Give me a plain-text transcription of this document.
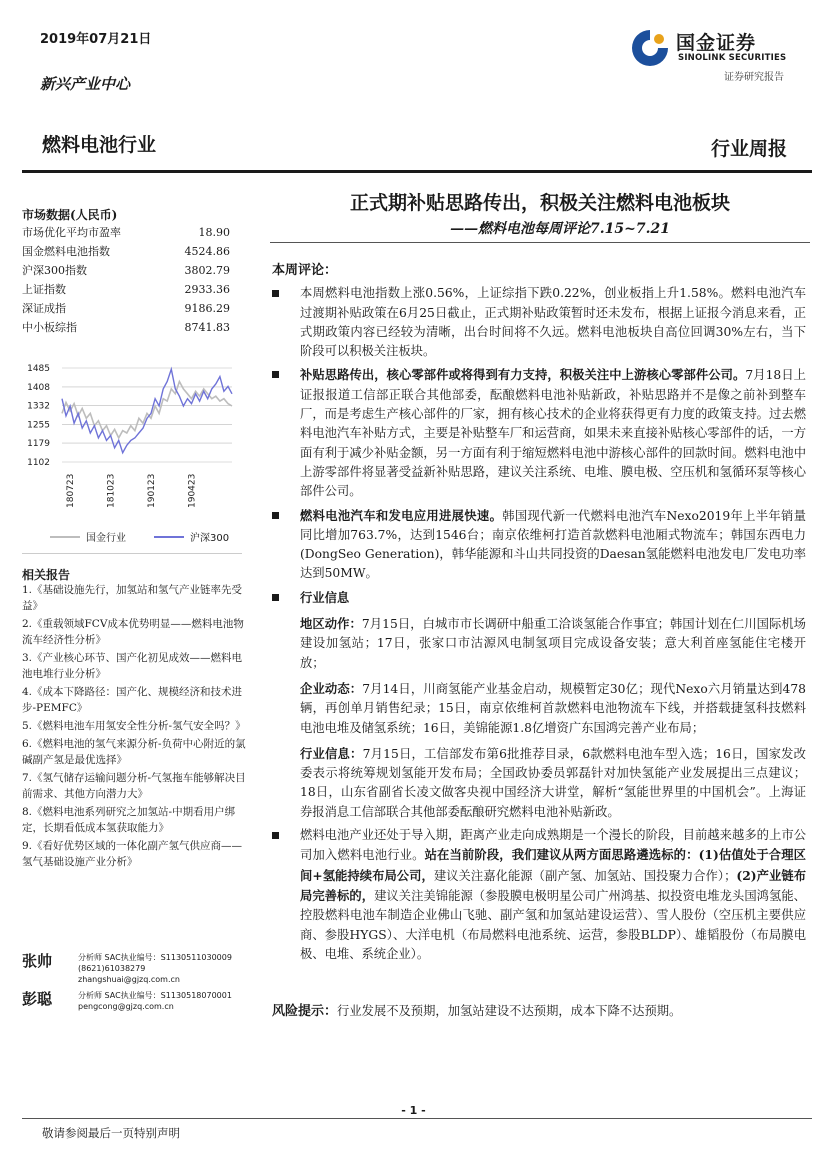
2019年07月21日
新兴产业中心
燃料电池行业	行业周报
国金证券
SINOLINK SECURITIES
证券研究报告
正式期补贴思路传出，积极关注燃料电池板块
——燃料电池每周评论7.15~7.21
市场数据(人民币)
市场优化平均市盈率	18.90
国金燃料电池指数	4524.86
沪深300指数	3802.79
上证指数	2933.36
深证成指	9186.29
中小板综指	8741.83
1485
1408
1332
1255
1179
1102
180723	181023	190123	190423
国金行业	沪深300
相关报告
1.《基础设施先行，加氢站和氢气产业链率先受益》
2.《重载领域FCV成本优势明显——燃料电池物流车经济性分析》
3.《产业核心环节、国产化初见成效——燃料电池电堆行业分析》
4.《成本下降路径：国产化、规模经济和技术进步-PEMFC》
5.《燃料电池车用氢安全性分析-氢气安全吗？》
6.《燃料电池的氢气来源分析-负荷中心附近的氯碱副产氢是最优选择》
7.《氢气储存运输问题分析-气氢拖车能够解决目前需求、其他方向潜力大》
8.《燃料电池系列研究之加氢站-中期看用户绑定，长期看低成本氢获取能力》
9.《看好优势区域的一体化副产氢气供应商——氢气基础设施产业分析》
张帅	分析师 SAC执业编号：S1130511030009
(8621)61038279
zhangshuai@gjzq.com.cn
彭聪	分析师 SAC执业编号：S1130518070001
pengcong@gjzq.com.cn
本周评论：
本周燃料电池指数上涨0.56%，上证综指下跌0.22%，创业板指上升1.58%。燃料电池汽车过渡期补贴政策在6月25日截止，正式期补贴政策暂时还未发布，根据上证报今消息来看，正式期政策内容已经较为清晰，出台时间将不久远。燃料电池板块自高位回调30%左右，当下阶段可以积极关注板块。
补贴思路传出，核心零部件或将得到有力支持，积极关注中上游核心零部件公司。7月18日上证报报道工信部正联合其他部委，酝酿燃料电池补贴新政，补贴思路并不是像之前补到整车厂，而是考虑生产核心部件的厂家，拥有核心技术的企业将获得更有力度的政策支持。过去燃料电池汽车补贴方式，主要是补贴整车厂和运营商，如果未来直接补贴核心零部件的话，一方面有利于减少补贴金额，另一方面有利于缩短燃料电池中游核心部件的回款时间。燃料电池中上游零部件将显著受益新补贴思路，建议关注系统、电堆、膜电极、空压机和氢循环泵等核心部件公司。
燃料电池汽车和发电应用进展快速。韩国现代新一代燃料电池汽车Nexo2019年上半年销量同比增加763.7%，达到1546台；南京依维柯打造首款燃料电池厢式物流车；韩国东西电力(DongSeo Generation)，韩华能源和斗山共同投资的Daesan氢能燃料电池发电厂发电功率达到50MW。
行业信息
地区动作：7月15日，白城市市长调研中船重工洽谈氢能合作事宜；韩国计划在仁川国际机场建设加氢站；17日，张家口市沽源风电制氢项目完成设备安装；意大利首座氢能住宅楼开放；
企业动态：7月14日，川商氢能产业基金启动，规模暂定30亿；现代Nexo六月销量达到478辆，再创单月销售纪录；15日，南京依维柯首款燃料电池物流车下线，并搭载捷氢科技燃料电池电堆及储氢系统；16日，美锦能源1.8亿增资广东国鸿完善产业布局；
行业信息：7月15日，工信部发布第6批推荐目录，6款燃料电池车型入选；16日，国家发改委表示将统筹规划氢能开发布局；全国政协委员郭磊针对加快氢能产业发展提出三点建议；18日，山东省副省长凌文做客央视中国经济大讲堂，解析“氢能世界里的中国机会”。上海证券报消息工信部联合其他部委酝酿研究燃料电池补贴新政。
燃料电池产业还处于导入期，距离产业走向成熟期是一个漫长的阶段，目前越来越多的上市公司加入燃料电池行业。站在当前阶段，我们建议从两方面思路遴选标的：(1)估值处于合理区间+氢能持续布局公司，建议关注嘉化能源（副产氢、加氢站、国投聚力合作）；(2)产业链布局完善标的，建议关注美锦能源（参股膜电极明星公司广州鸿基、拟投资电堆龙头国鸿氢能、控股燃料电池车制造企业佛山飞驰、副产氢和加氢站建设运营）、雪人股份（空压机主要供应商、参股HYGS）、大洋电机（布局燃料电池系统、运营，参股BLDP）、雄韬股份（布局膜电极、电堆、系统企业）。
风险提示：行业发展不及预期，加氢站建设不达预期，成本下降不达预期。
- 1 -
敬请参阅最后一页特别声明
